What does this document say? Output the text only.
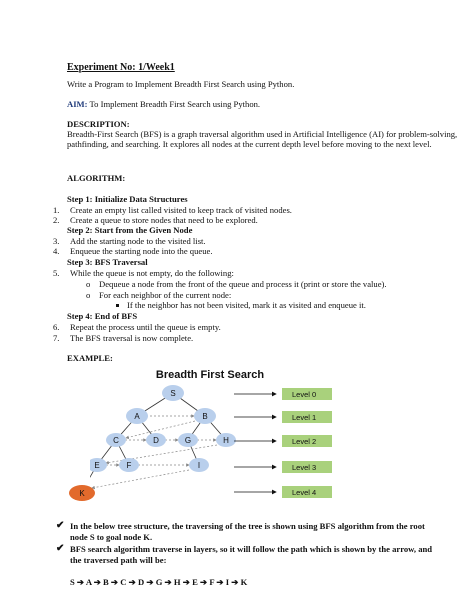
Experiment No: 1/Week1
Write a Program to Implement Breadth First Search using Python.
AIM: To Implement Breadth First Search using Python.
DESCRIPTION:
Breadth-First Search (BFS) is a graph traversal algorithm used in Artificial Intelligence (AI) for problem-solving, pathfinding, and searching. It explores all nodes at the current depth level before moving to the next level.
ALGORITHM:
Step 1: Initialize Data Structures
1. Create an empty list called visited to keep track of visited nodes.
2. Create a queue to store nodes that need to be explored.
Step 2: Start from the Given Node
3. Add the starting node to the visited list.
4. Enqueue the starting node into the queue.
Step 3: BFS Traversal
5. While the queue is not empty, do the following:
o Dequeue a node from the front of the queue and process it (print or store the value).
o For each neighbor of the current node:
If the neighbor has not been visited, mark it as visited and enqueue it.
Step 4: End of BFS
6. Repeat the process until the queue is empty.
7. The BFS traversal is now complete.
EXAMPLE:
Breadth First Search
S
A	B
C	D	G	H
E	F	I
K
Level 0
Level 1
Level 2
Level 3
Level 4
✔ In the below tree structure, the traversing of the tree is shown using BFS algorithm from the root
node S to goal node K.
✔ BFS search algorithm traverse in layers, so it will follow the path which is shown by the arrow, and
the traversed path will be:
S ➔ A ➔ B ➔ C ➔ D ➔ G ➔ H ➔ E ➔ F ➔ I ➔ K
